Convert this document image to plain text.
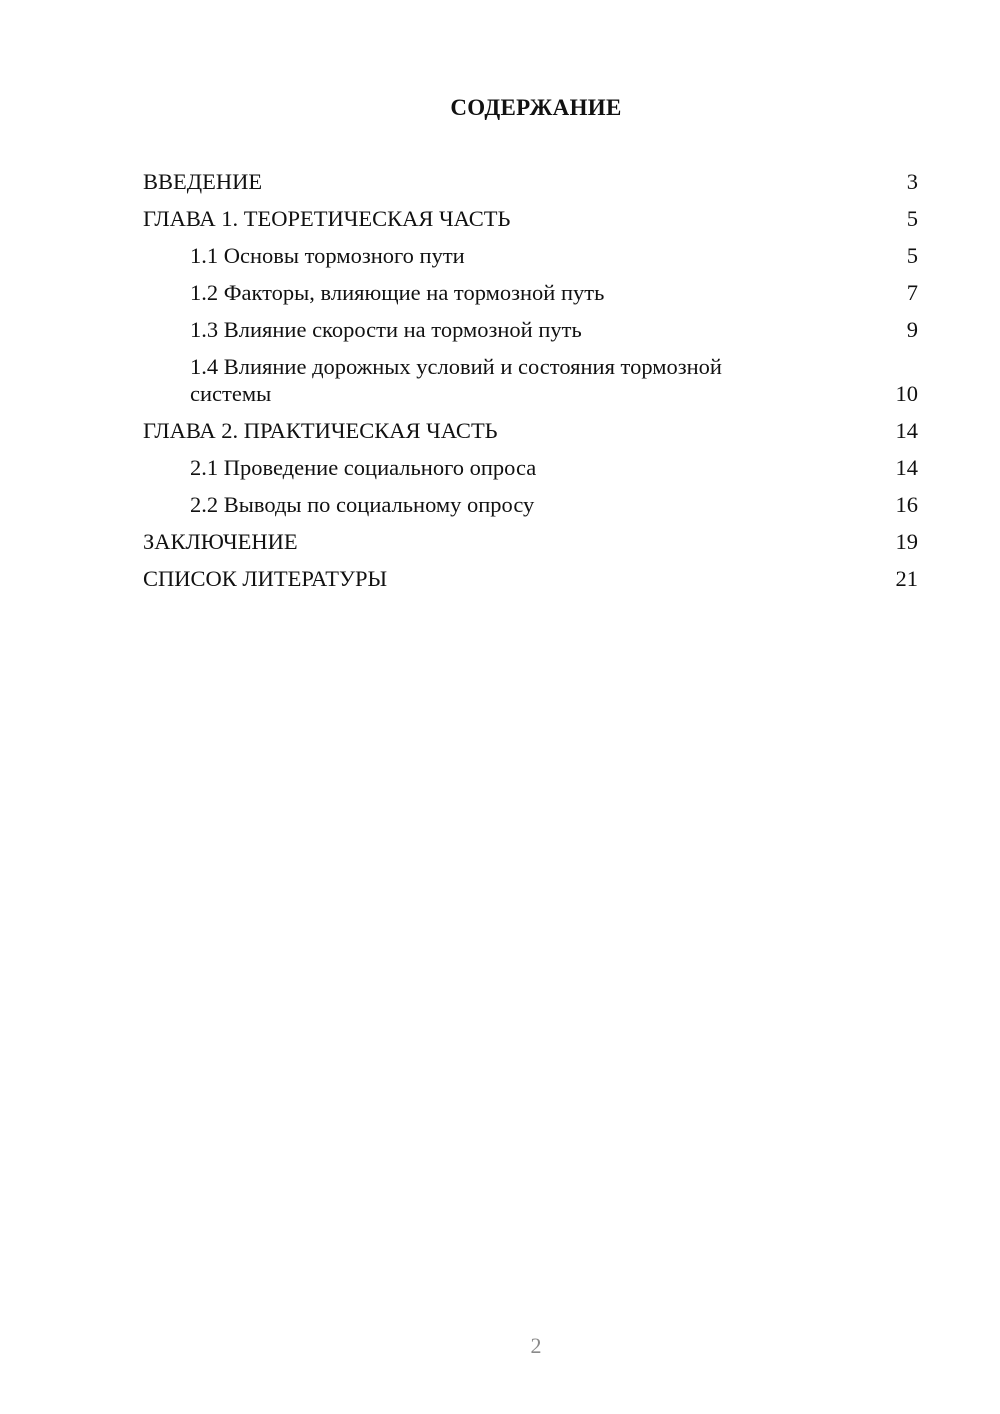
СОДЕРЖАНИЕ
ВВЕДЕНИЕ	3
ГЛАВА 1. ТЕОРЕТИЧЕСКАЯ ЧАСТЬ	5
1.1 Основы тормозного пути	5
1.2 Факторы, влияющие на тормозной путь	7
1.3 Влияние скорости на тормозной путь	9
1.4 Влияние дорожных условий и состояния тормозной системы	10
ГЛАВА 2. ПРАКТИЧЕСКАЯ ЧАСТЬ	14
2.1 Проведение социального опроса	14
2.2 Выводы по социальному опросу	16
ЗАКЛЮЧЕНИЕ	19
СПИСОК ЛИТЕРАТУРЫ	21
2
